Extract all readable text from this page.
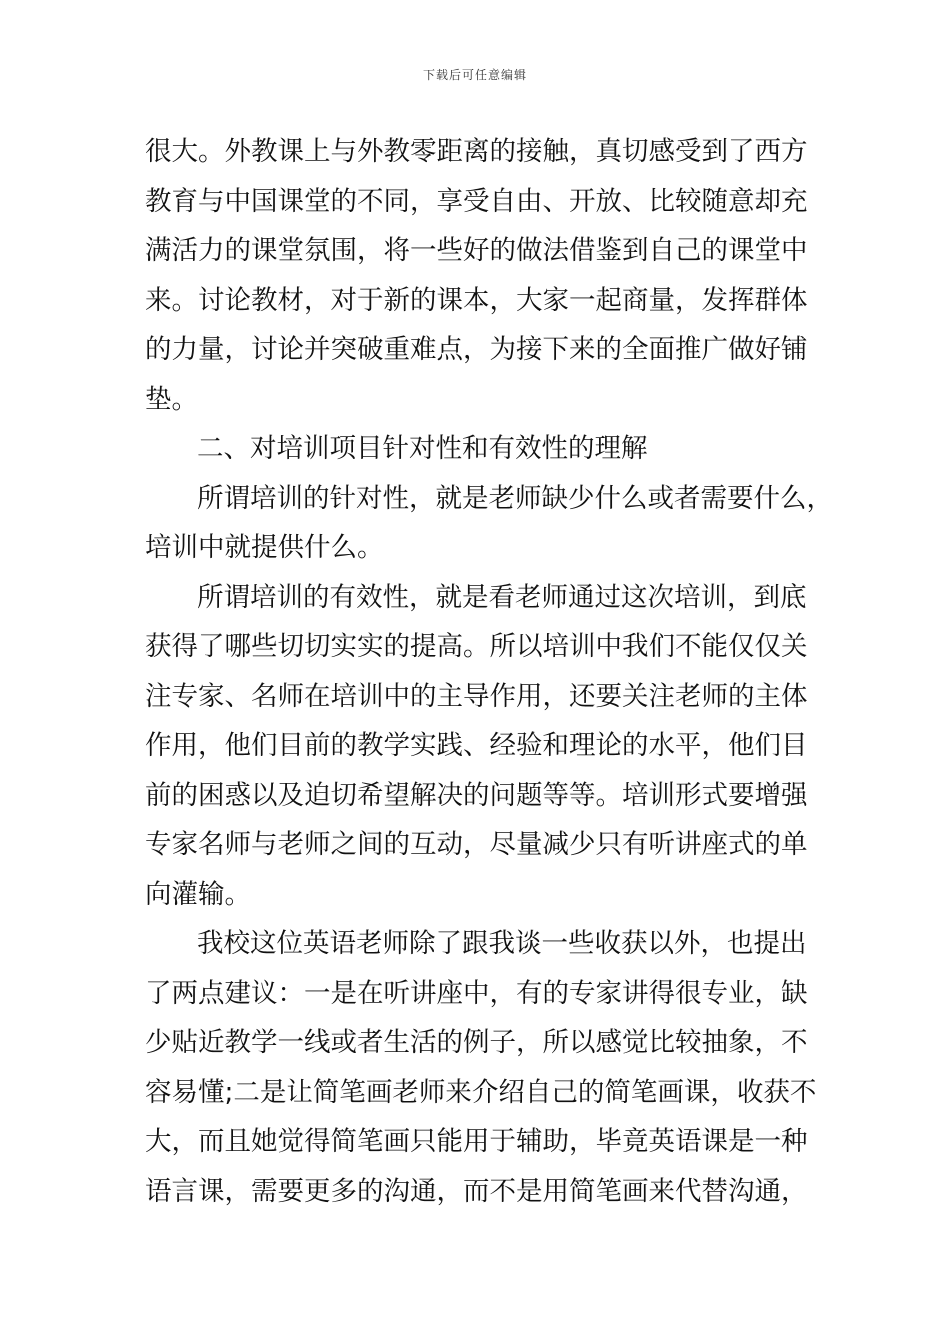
下载后可任意编辑
很大。外教课上与外教零距离的接触，真切感受到了西方
教育与中国课堂的不同，享受自由、开放、比较随意却充
满活力的课堂氛围，将一些好的做法借鉴到自己的课堂中
来。讨论教材，对于新的课本，大家一起商量，发挥群体
的力量，讨论并突破重难点，为接下来的全面推广做好铺
垫。
二、对培训项目针对性和有效性的理解
所谓培训的针对性，就是老师缺少什么或者需要什么，
培训中就提供什么。
所谓培训的有效性，就是看老师通过这次培训，到底
获得了哪些切切实实的提高。所以培训中我们不能仅仅关
注专家、名师在培训中的主导作用，还要关注老师的主体
作用，他们目前的教学实践、经验和理论的水平，他们目
前的困惑以及迫切希望解决的问题等等。培训形式要增强
专家名师与老师之间的互动，尽量减少只有听讲座式的单
向灌输。
我校这位英语老师除了跟我谈一些收获以外，也提出
了两点建议：一是在听讲座中，有的专家讲得很专业，缺
少贴近教学一线或者生活的例子，所以感觉比较抽象，不
容易懂;二是让简笔画老师来介绍自己的简笔画课，收获不
大，而且她觉得简笔画只能用于辅助，毕竟英语课是一种
语言课，需要更多的沟通，而不是用简笔画来代替沟通，
